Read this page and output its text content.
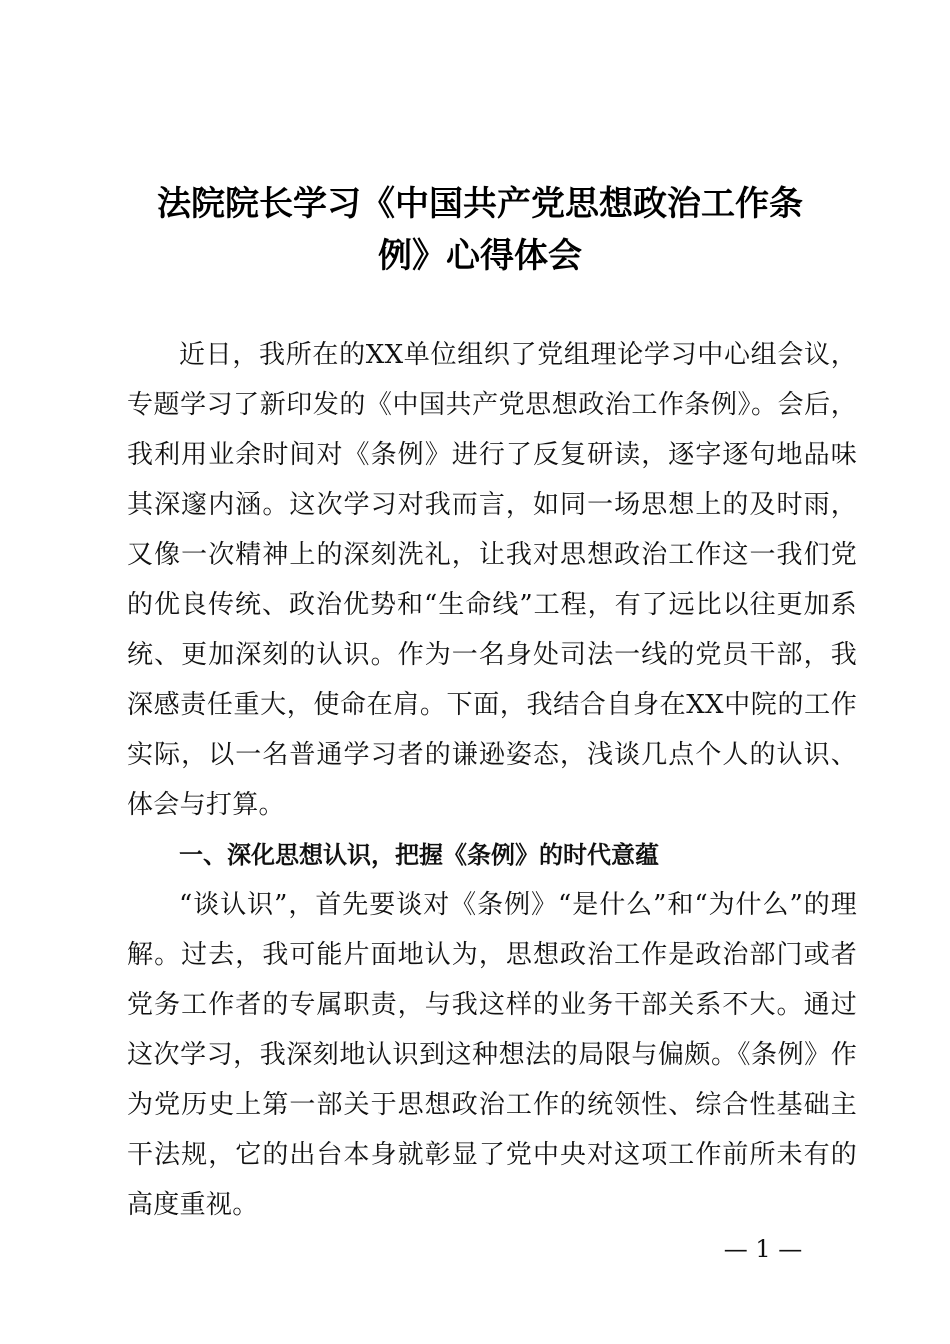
法院院长学习《中国共产党思想政治工作条
例》心得体会

近日，我所在的XX单位组织了党组理论学习中心组会议，专题学习了新印发的《中国共产党思想政治工作条例》。会后，我利用业余时间对《条例》进行了反复研读，逐字逐句地品味其深邃内涵。这次学习对我而言，如同一场思想上的及时雨，又像一次精神上的深刻洗礼，让我对思想政治工作这一我们党的优良传统、政治优势和“生命线”工程，有了远比以往更加系统、更加深刻的认识。作为一名身处司法一线的党员干部，我深感责任重大，使命在肩。下面，我结合自身在XX中院的工作实际，以一名普通学习者的谦逊姿态，浅谈几点个人的认识、体会与打算。

一、深化思想认识，把握《条例》的时代意蕴

“谈认识”，首先要谈对《条例》“是什么”和“为什么”的理解。过去，我可能片面地认为，思想政治工作是政治部门或者党务工作者的专属职责，与我这样的业务干部关系不大。通过这次学习，我深刻地认识到这种想法的局限与偏颇。《条例》作为党历史上第一部关于思想政治工作的统领性、综合性基础主干法规，它的出台本身就彰显了党中央对这项工作前所未有的高度重视。

— 1 —
